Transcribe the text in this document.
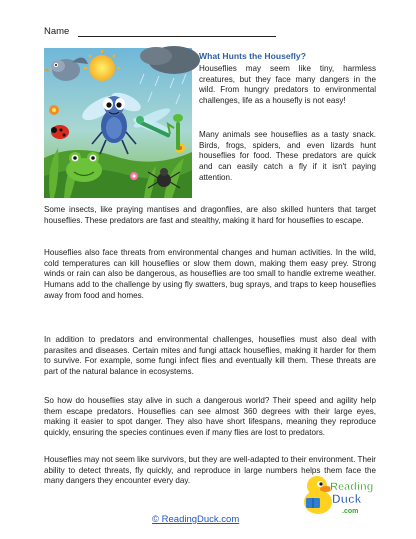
Name
What Hunts the Housefly?

Houseflies may seem like tiny, harmless creatures, but they face many dangers in the wild. From hungry predators to environmental challenges, life as a housefly is not easy!

Many animals see houseflies as a tasty snack. Birds, frogs, spiders, and even lizards hunt houseflies for food. These predators are quick and can easily catch a fly if it isn't paying attention.

Some insects, like praying mantises and dragonflies, are also skilled hunters that target houseflies. These predators are fast and stealthy, making it hard for houseflies to escape.

Houseflies also face threats from environmental changes and human activities. In the wild, cold temperatures can kill houseflies or slow them down, making them easy prey. Strong winds or rain can also be dangerous, as houseflies are too small to handle extreme weather. Humans add to the challenge by using fly swatters, bug sprays, and traps to keep houseflies away from food and homes.

In addition to predators and environmental challenges, houseflies must also deal with parasites and diseases. Certain mites and fungi attack houseflies, making it harder for them to survive. For example, some fungi infect flies and eventually kill them. These threats are part of the natural balance in ecosystems.

So how do houseflies stay alive in such a dangerous world? Their speed and agility help them escape predators. Houseflies can see almost 360 degrees with their large eyes, making it easier to spot danger. They also have short lifespans, meaning they reproduce quickly, ensuring the species continues even if many flies are lost to predators.

Houseflies may not seem like survivors, but they are well-adapted to their environment. Their ability to detect threats, fly quickly, and reproduce in large numbers helps them face the many dangers they encounter every day.

© ReadingDuck.com
Reading
Duck
.com
